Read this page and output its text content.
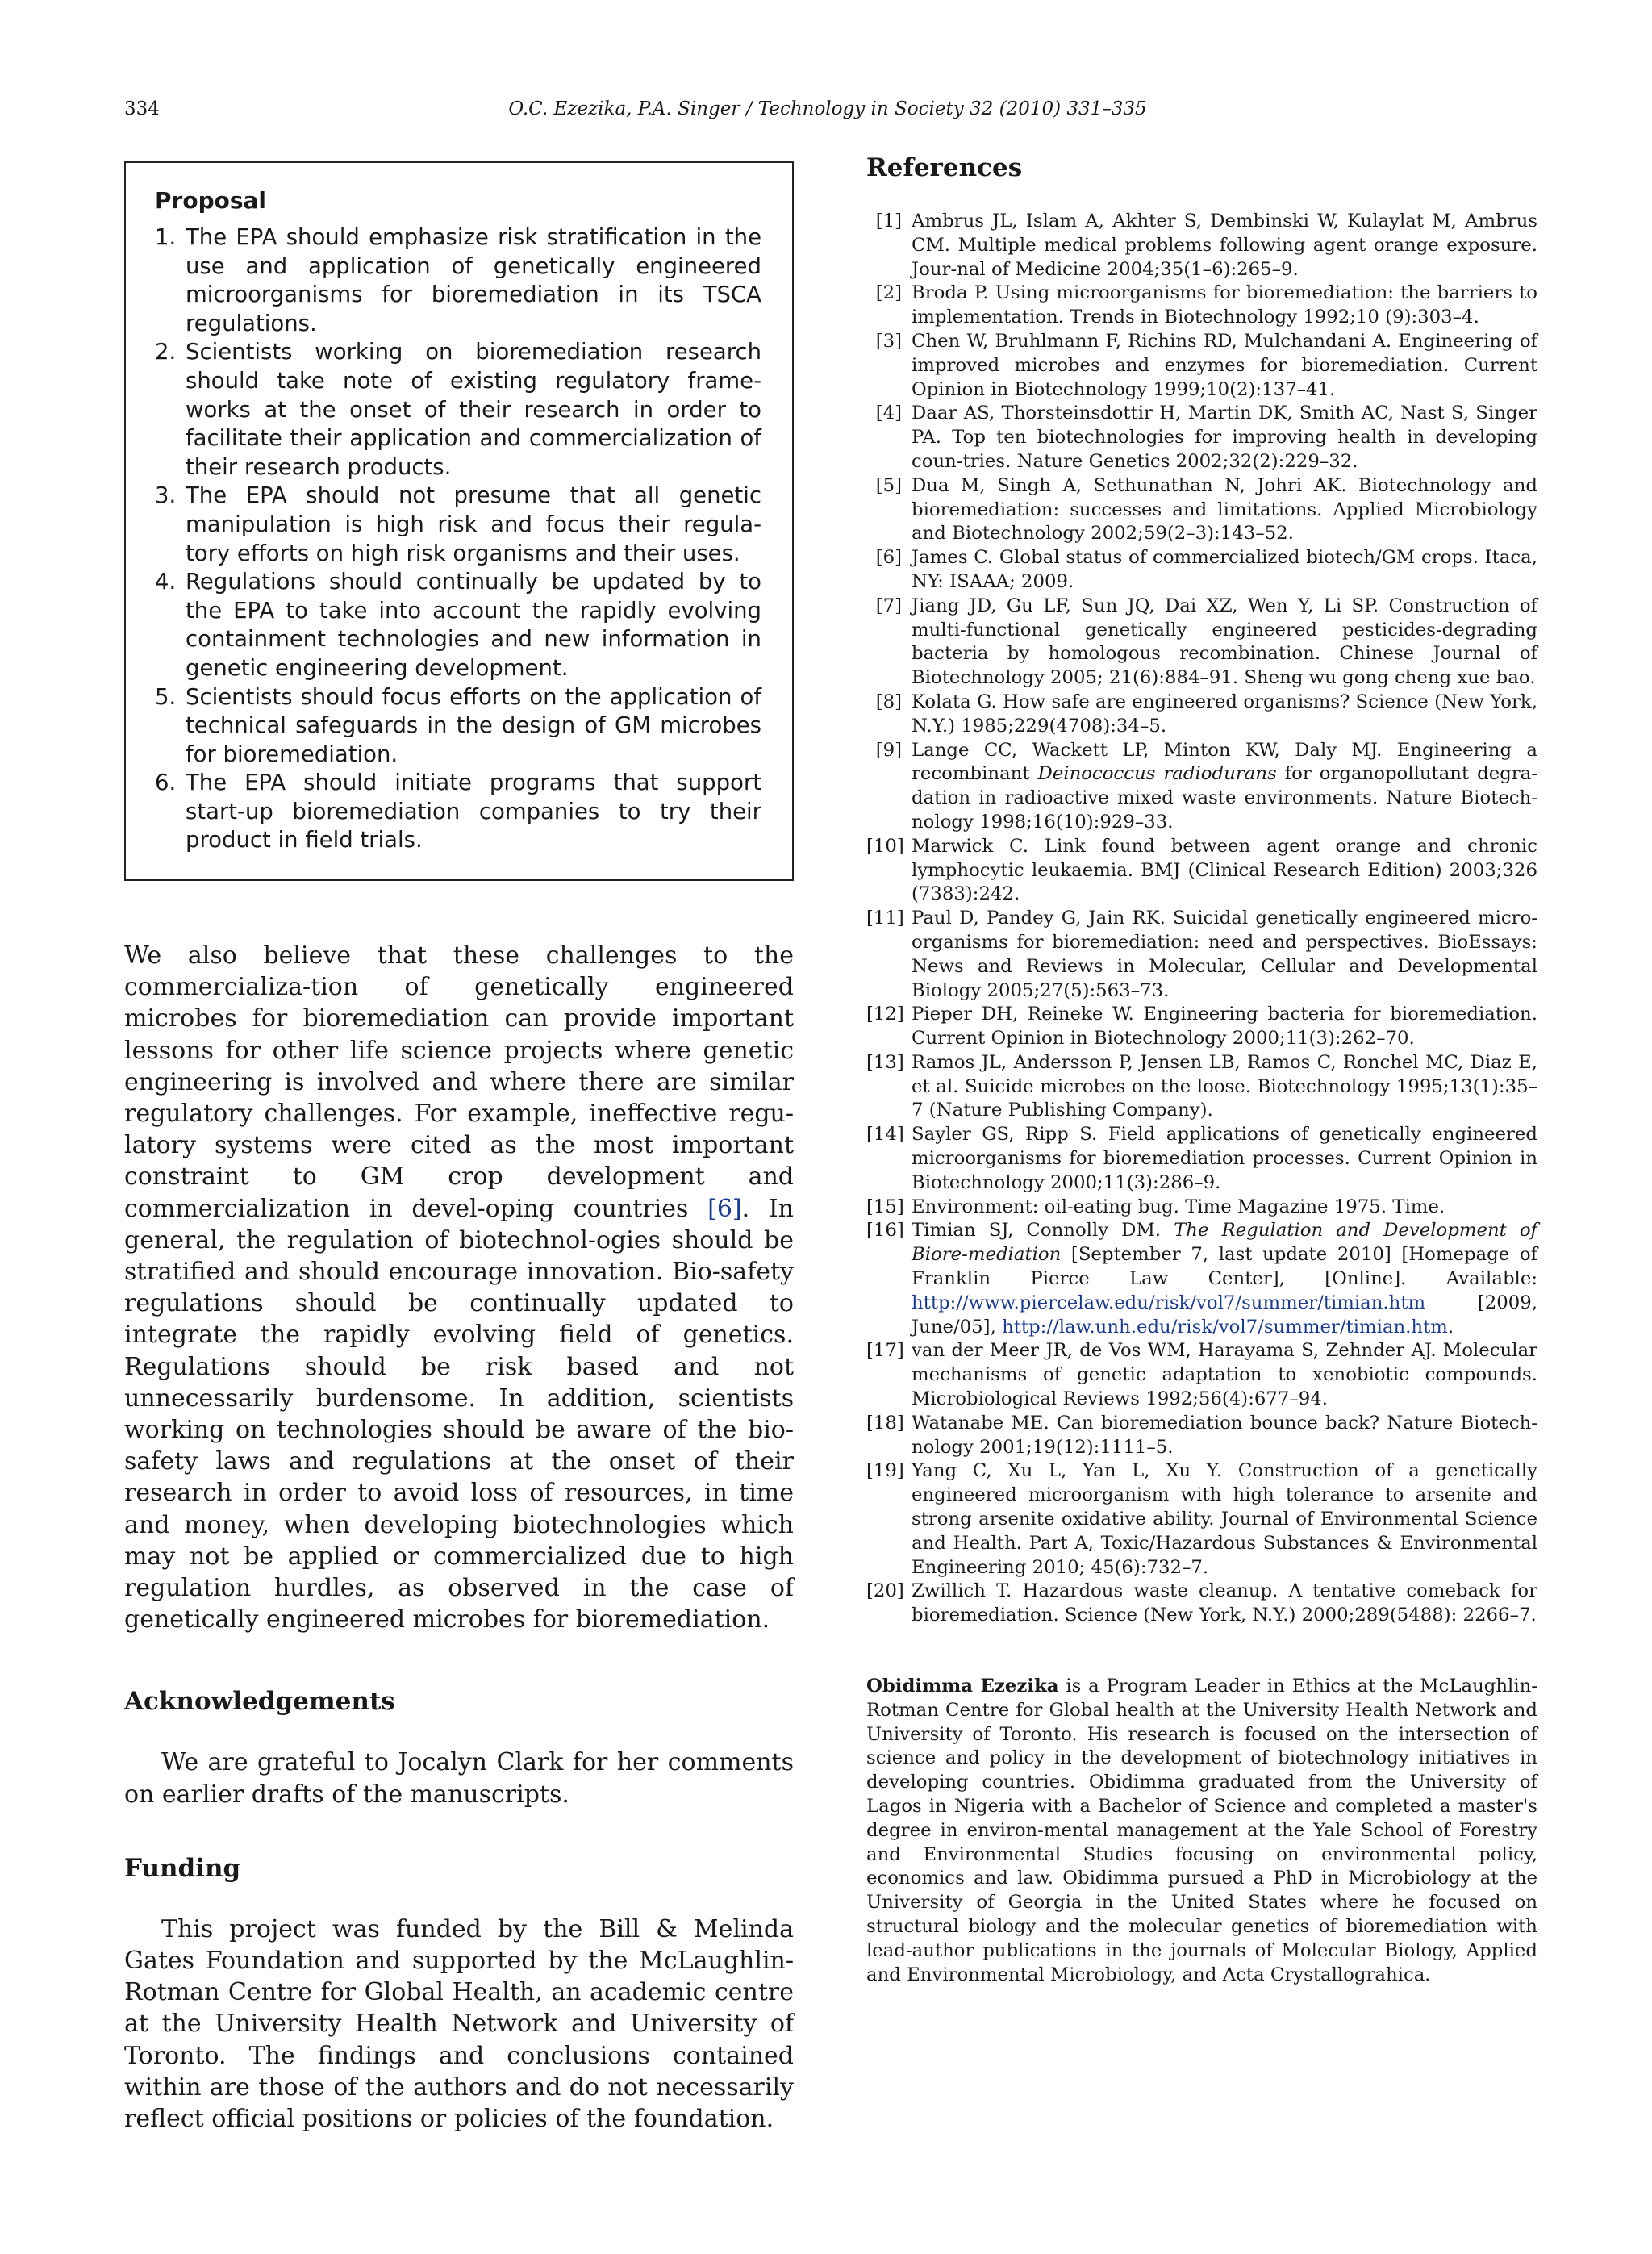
334	O.C. Ezezika, P.A. Singer / Technology in Society 32 (2010) 331–335
Proposal
1. The EPA should emphasize risk stratification in the use and application of genetically engineered microorganisms for bioremediation in its TSCA regulations.
2. Scientists working on bioremediation research should take note of existing regulatory frame-works at the onset of their research in order to facilitate their application and commercialization of their research products.
3. The EPA should not presume that all genetic manipulation is high risk and focus their regula-tory efforts on high risk organisms and their uses.
4. Regulations should continually be updated by to the EPA to take into account the rapidly evolving containment technologies and new information in genetic engineering development.
5. Scientists should focus efforts on the application of technical safeguards in the design of GM microbes for bioremediation.
6. The EPA should initiate programs that support start-up bioremediation companies to try their product in field trials.

We also believe that these challenges to the commercializa-tion of genetically engineered microbes for bioremediation can provide important lessons for other life science projects where genetic engineering is involved and where there are similar regulatory challenges. For example, ineffective regu-latory systems were cited as the most important constraint to GM crop development and commercialization in devel-oping countries [6]. In general, the regulation of biotechnol-ogies should be stratified and should encourage innovation. Bio-safety regulations should be continually updated to integrate the rapidly evolving field of genetics. Regulations should be risk based and not unnecessarily burdensome. In addition, scientists working on technologies should be aware of the bio-safety laws and regulations at the onset of their research in order to avoid loss of resources, in time and money, when developing biotechnologies which may not be applied or commercialized due to high regulation hurdles, as observed in the case of genetically engineered microbes for bioremediation.

Acknowledgements

We are grateful to Jocalyn Clark for her comments on earlier drafts of the manuscripts.

Funding

This project was funded by the Bill & Melinda Gates Foundation and supported by the McLaughlin-Rotman Centre for Global Health, an academic centre at the University Health Network and University of Toronto. The findings and conclusions contained within are those of the authors and do not necessarily reflect official positions or policies of the foundation.

References
[1] Ambrus JL, Islam A, Akhter S, Dembinski W, Kulaylat M, Ambrus CM. Multiple medical problems following agent orange exposure. Jour-nal of Medicine 2004;35(1–6):265–9.
[2] Broda P. Using microorganisms for bioremediation: the barriers to implementation. Trends in Biotechnology 1992;10 (9):303–4.
[3] Chen W, Bruhlmann F, Richins RD, Mulchandani A. Engineering of improved microbes and enzymes for bioremediation. Current Opinion in Biotechnology 1999;10(2):137–41.
[4] Daar AS, Thorsteinsdottir H, Martin DK, Smith AC, Nast S, Singer PA. Top ten biotechnologies for improving health in developing coun-tries. Nature Genetics 2002;32(2):229–32.
[5] Dua M, Singh A, Sethunathan N, Johri AK. Biotechnology and bioremediation: successes and limitations. Applied Microbiology and Biotechnology 2002;59(2–3):143–52.
[6] James C. Global status of commercialized biotech/GM crops. Itaca, NY: ISAAA; 2009.
[7] Jiang JD, Gu LF, Sun JQ, Dai XZ, Wen Y, Li SP. Construction of multi-functional genetically engineered pesticides-degrading bacteria by homologous recombination. Chinese Journal of Biotechnology 2005; 21(6):884–91. Sheng wu gong cheng xue bao.
[8] Kolata G. How safe are engineered organisms? Science (New York, N.Y.) 1985;229(4708):34–5.
[9] Lange CC, Wackett LP, Minton KW, Daly MJ. Engineering a recombinant Deinococcus radiodurans for organopollutant degra-dation in radioactive mixed waste environments. Nature Biotech-nology 1998;16(10):929–33.
[10] Marwick C. Link found between agent orange and chronic lymphocytic leukaemia. BMJ (Clinical Research Edition) 2003;326 (7383):242.
[11] Paul D, Pandey G, Jain RK. Suicidal genetically engineered micro-organisms for bioremediation: need and perspectives. BioEssays: News and Reviews in Molecular, Cellular and Developmental Biology 2005;27(5):563–73.
[12] Pieper DH, Reineke W. Engineering bacteria for bioremediation. Current Opinion in Biotechnology 2000;11(3):262–70.
[13] Ramos JL, Andersson P, Jensen LB, Ramos C, Ronchel MC, Diaz E, et al. Suicide microbes on the loose. Biotechnology 1995;13(1):35–7 (Nature Publishing Company).
[14] Sayler GS, Ripp S. Field applications of genetically engineered microorganisms for bioremediation processes. Current Opinion in Biotechnology 2000;11(3):286–9.
[15] Environment: oil-eating bug. Time Magazine 1975. Time.
[16] Timian SJ, Connolly DM. The Regulation and Development of Biore-mediation [September 7, last update 2010] [Homepage of Franklin Pierce Law Center], [Online]. Available: http://www.piercelaw.edu/risk/vol7/summer/timian.htm [2009, June/05], http://law.unh.edu/risk/vol7/summer/timian.htm.
[17] van der Meer JR, de Vos WM, Harayama S, Zehnder AJ. Molecular mechanisms of genetic adaptation to xenobiotic compounds. Microbiological Reviews 1992;56(4):677–94.
[18] Watanabe ME. Can bioremediation bounce back? Nature Biotech-nology 2001;19(12):1111–5.
[19] Yang C, Xu L, Yan L, Xu Y. Construction of a genetically engineered microorganism with high tolerance to arsenite and strong arsenite oxidative ability. Journal of Environmental Science and Health. Part A, Toxic/Hazardous Substances & Environmental Engineering 2010; 45(6):732–7.
[20] Zwillich T. Hazardous waste cleanup. A tentative comeback for bioremediation. Science (New York, N.Y.) 2000;289(5488): 2266–7.

Obidimma Ezezika is a Program Leader in Ethics at the McLaughlin-Rotman Centre for Global health at the University Health Network and University of Toronto. His research is focused on the intersection of science and policy in the development of biotechnology initiatives in developing countries. Obidimma graduated from the University of Lagos in Nigeria with a Bachelor of Science and completed a master's degree in environ-mental management at the Yale School of Forestry and Environmental Studies focusing on environmental policy, economics and law. Obidimma pursued a PhD in Microbiology at the University of Georgia in the United States where he focused on structural biology and the molecular genetics of bioremediation with lead-author publications in the journals of Molecular Biology, Applied and Environmental Microbiology, and Acta Crystallograhica.
